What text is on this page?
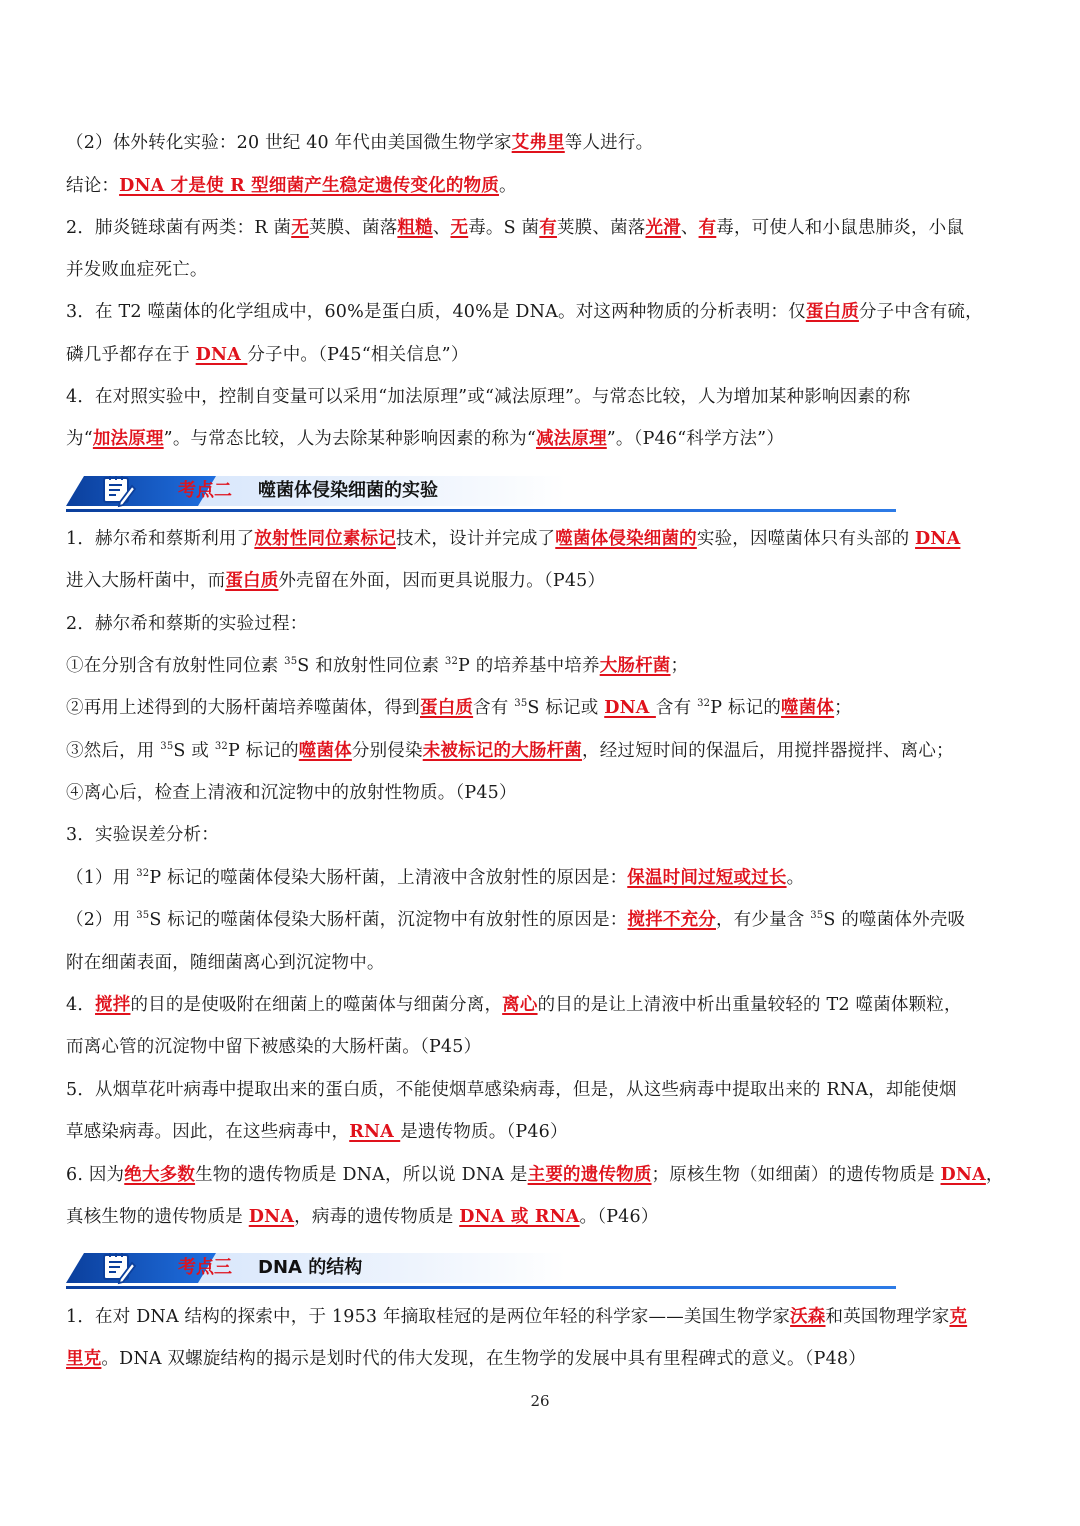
（2）体外转化实验：20 世纪 40 年代由美国微生物学家艾弗里等人进行。
结论：DNA 才是使 R 型细菌产生稳定遗传变化的物质。
2．肺炎链球菌有两类：R 菌无荚膜、菌落粗糙、无毒。S 菌有荚膜、菌落光滑、有毒，可使人和小鼠患肺炎，小鼠
并发败血症死亡。
3．在 T2 噬菌体的化学组成中，60%是蛋白质，40%是 DNA。对这两种物质的分析表明：仅蛋白质分子中含有硫，
磷几乎都存在于 DNA 分子中。（P45“相关信息”）
4．在对照实验中，控制自变量可以采用“加法原理”或“减法原理”。与常态比较，人为增加某种影响因素的称
为“加法原理”。与常态比较，人为去除某种影响因素的称为“减法原理”。（P46“科学方法”）
考点二 噬菌体侵染细菌的实验
1．赫尔希和蔡斯利用了放射性同位素标记技术，设计并完成了噬菌体侵染细菌的实验，因噬菌体只有头部的 DNA
进入大肠杆菌中，而蛋白质外壳留在外面，因而更具说服力。（P45）
2．赫尔希和蔡斯的实验过程：
①在分别含有放射性同位素 $^{35}$S 和放射性同位素 $^{32}$P 的培养基中培养大肠杆菌；
②再用上述得到的大肠杆菌培养噬菌体，得到蛋白质含有 $^{35}$S 标记或 DNA 含有 $^{32}$P 标记的噬菌体；
③然后，用 $^{35}$S 或 $^{32}$P 标记的噬菌体分别侵染未被标记的大肠杆菌，经过短时间的保温后，用搅拌器搅拌、离心；
④离心后，检查上清液和沉淀物中的放射性物质。（P45）
3．实验误差分析：
（1）用 $^{32}$P 标记的噬菌体侵染大肠杆菌，上清液中含放射性的原因是：保温时间过短或过长。
（2）用 $^{35}$S 标记的噬菌体侵染大肠杆菌，沉淀物中有放射性的原因是：搅拌不充分，有少量含 $^{35}$S 的噬菌体外壳吸
附在细菌表面，随细菌离心到沉淀物中。
4．搅拌的目的是使吸附在细菌上的噬菌体与细菌分离，离心的目的是让上清液中析出重量较轻的 T2 噬菌体颗粒，
而离心管的沉淀物中留下被感染的大肠杆菌。（P45）
5．从烟草花叶病毒中提取出来的蛋白质，不能使烟草感染病毒，但是，从这些病毒中提取出来的 RNA，却能使烟
草感染病毒。因此，在这些病毒中，RNA 是遗传物质。（P46）
6. 因为绝大多数生物的遗传物质是 DNA，所以说 DNA 是主要的遗传物质；原核生物（如细菌）的遗传物质是 DNA，
真核生物的遗传物质是 DNA，病毒的遗传物质是 DNA 或 RNA。（P46）
考点三 DNA 的结构
1．在对 DNA 结构的探索中，于 1953 年摘取桂冠的是两位年轻的科学家——美国生物学家沃森和英国物理学家克
里克。DNA 双螺旋结构的揭示是划时代的伟大发现，在生物学的发展中具有里程碑式的意义。（P48）
26
